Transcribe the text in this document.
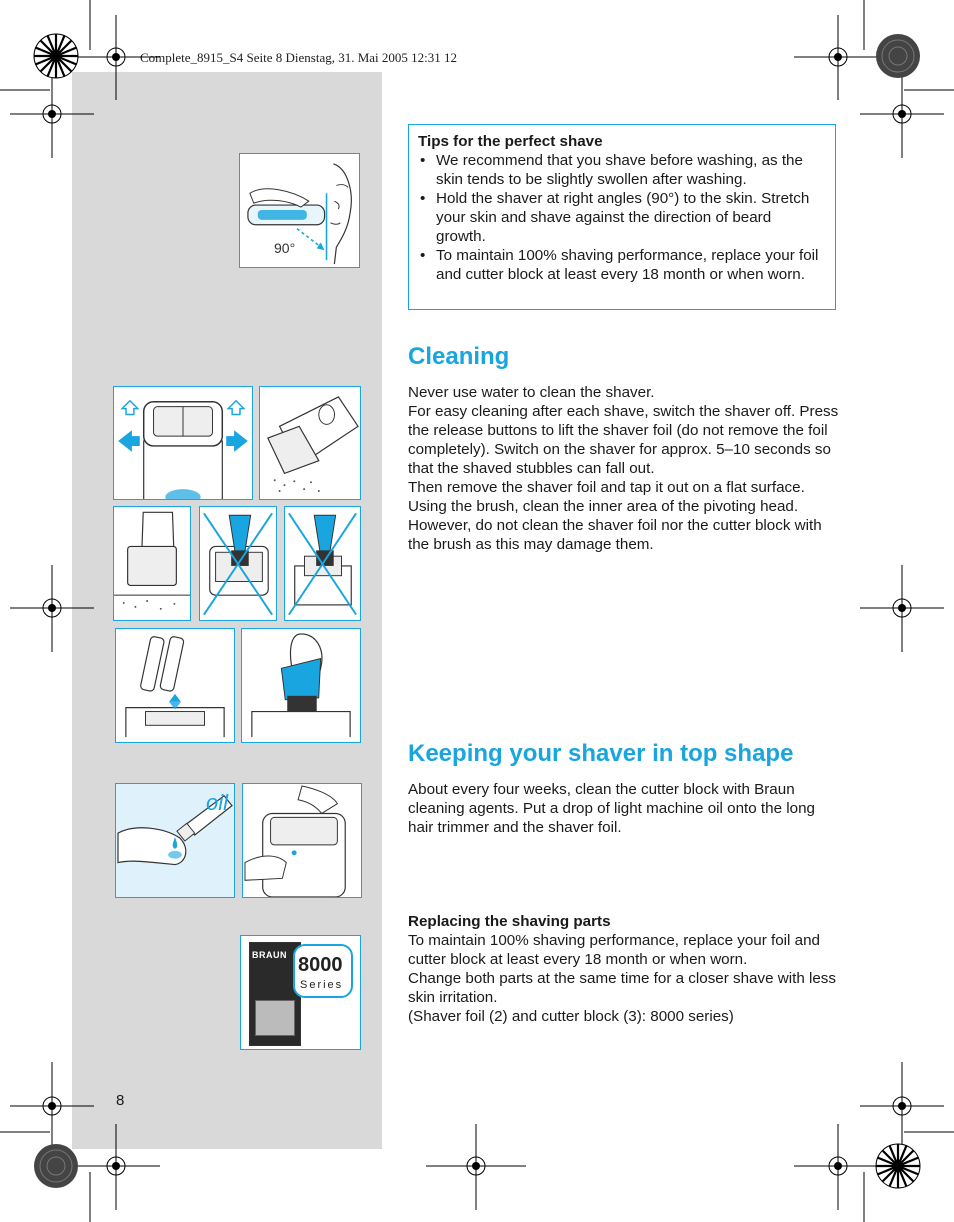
Complete_8915_S4 Seite 8 Dienstag, 31. Mai 2005 12:31 12
90°
Tips for the perfect shave
• We recommend that you shave before washing, as the skin tends to be slightly swollen after washing.
• Hold the shaver at right angles (90°) to the skin. Stretch your skin and shave against the direction of beard growth.
• To maintain 100% shaving performance, replace your foil and cutter block at least every 18 month or when worn.
Cleaning

Never use water to clean the shaver.

For easy cleaning after each shave, switch the shaver off. Press the release buttons to lift the shaver foil (do not remove the foil completely). Switch on the shaver for approx. 5–10 seconds so that the shaved stubbles can fall out.

Then remove the shaver foil and tap it out on a flat surface. Using the brush, clean the inner area of the pivoting head. However, do not clean the shaver foil nor the cutter block with the brush as this may damage them.

Keeping your shaver in top shape
About every four weeks, clean the cutter block with Braun cleaning agents. Put a drop of light machine oil onto the long hair trimmer and the shaver foil.
oil
Replacing the shaving parts

To maintain 100% shaving performance, replace your foil and cutter block at least every 18 month or when worn.

Change both parts at the same time for a closer shave with less skin irritation.

(Shaver foil (2) and cutter block (3): 8000 series)

BRAUN 8000
Series
8
